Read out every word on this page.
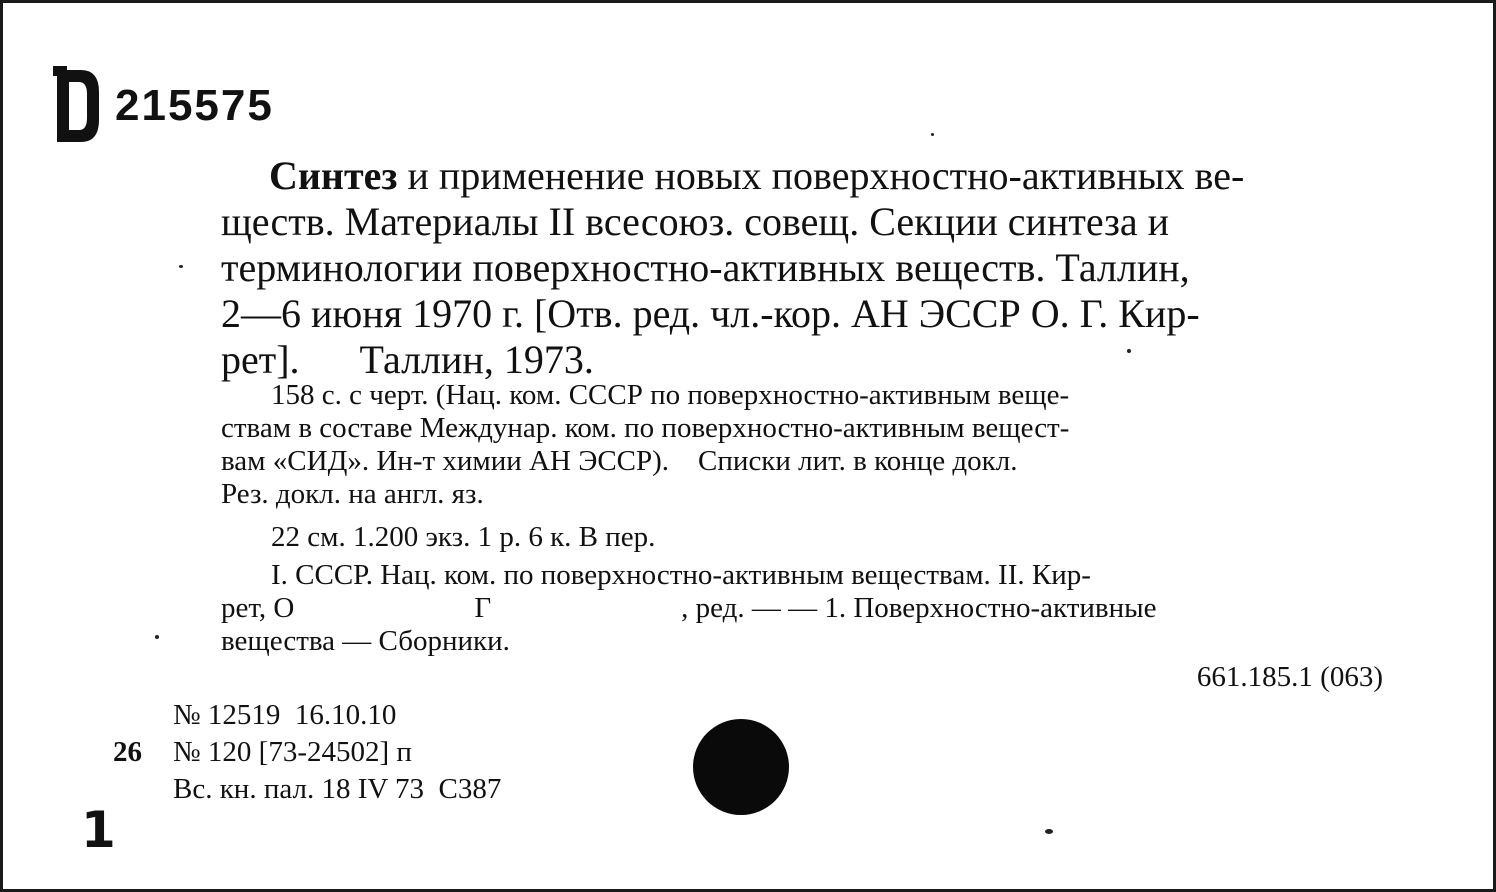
215575
Синтез и применение новых поверхностно-активных ве-
ществ. Материалы II всесоюз. совещ. Секции синтеза и
терминологии поверхностно-активных веществ. Таллин,
2—6 июня 1970 г. [Отв. ред. чл.-кор. АН ЭССР О. Г. Кир-
рет].      Таллин, 1973.
158 с. с черт. (Нац. ком. СССР по поверхностно-активным веще-
ствам в составе Междунар. ком. по поверхностно-активным вещест-
вам «СИД». Ин-т химии АН ЭССР).    Списки лит. в конце докл.
Рез. докл. на англ. яз.
22 см. 1.200 экз. 1 р. 6 к. В пер.
I. СССР. Нац. ком. по поверхностно-активным веществам. II. Кир-
рет, О	Г	, ред. — — 1. Поверхностно-активные
вещества — Сборники.
661.185.1 (063)
№ 12519  16.10.10
26 № 120 [73-24502] п
Вс. кн. пал. 18 IV 73  С387
1
